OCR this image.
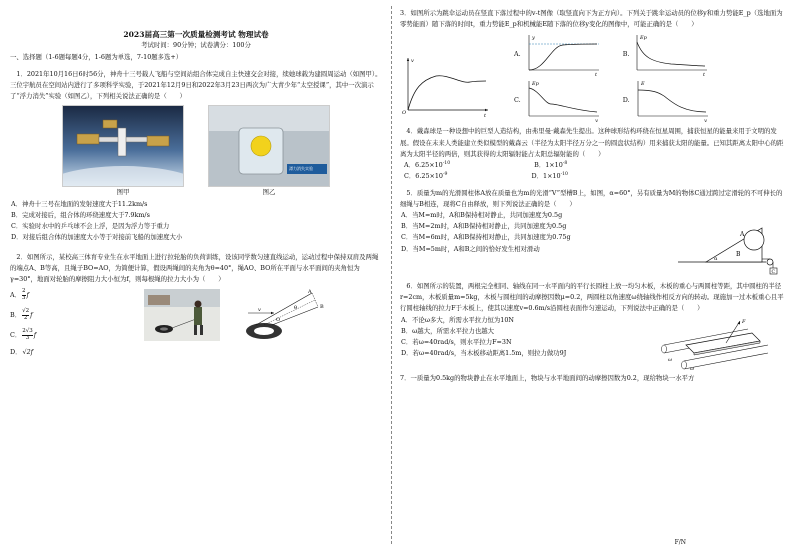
2023届高三第一次质量检测考试 物理试卷

考试时间：90分钟；试卷满分：100分

一、选择题（1-6题每题4分，1-6题为单选，7-10题多选+）

1．2021年10月16日6时56分，神舟十三号载人飞船与空间站组合体完成自主快速交会对接，续她球载为建圆周运动（如图甲）。三位宇航员在空间站内进行了多项科学实验，于2021年12月9日和2022年3月23日两次为广大青少年“太空授课”，其中一次演示了“浮力消失”实验（如图乙），下列相关说法正确的是（　　）

图甲
漂力消失实验
图乙

A．神舟十三号在地面的发射速度大于11.2km/s

B．完成对接后，组合体的环绕速度大于7.9km/s

C．实验时水中的乒乓球不会上浮，是因为浮力等于重力

D．对接后组合体的加速度大小等于对接前飞船的加速度大小

2．如图所示，某校高三体育专业生在水平地面上进行拉轮胎的负荷训练，设该同学数匀速直线运动，运动过程中保持双肩及两绳的端点A、B等高，且绳子BO=AO，为简便计算，假设两绳间的夹角为θ=40°，绳AO、BO所在平面与水平面间的夹角恒为γ=30°，地面对轮胎的摩擦阻力大小恒为f，则每根绳的拉力大小为（　　）

A． 2
3 f
B． √2
2 f
C． 2√3
3 f
D． √2f
v
A
B
O
θ

3．如图所示为跳伞运动员在竖直下落过程中的v-t图像（取竖直向下为正方向）。下列关于跳伞运动员的位移y和重力势能E_p（选地面为零势能面）随下落的时间t，重力势能E_p和机械能E随下落的位移y变化的图像中，可能正确的是（　　）

O
v
t
A.
y
t
B.
Ep
t
C.
Ep
y
D.
E
y

4．戴森球是一种设想中的巨型人造结构，由弗里曼·戴森先生提出。这种球形结构环绕在恒星周围，捕获恒星的能量来用于文明的发展。假设在未来人类能建立类似模型的戴森云（半径为太阳半径万分之一的圆盘状结构）用来捕获太阳的能量。已知其距离太阳中心的距离为太阳半径的两倍，则其获得的太阳辐射能占太阳总辐射能的（　　）

A．$6.25\times 10^{-10}$	B．$1\times 10^{-8}$
C．$6.25\times 10^{-9}$	D．$1\times 10^{-10}$

5．质量为m的光滑圆柱体A放在质量也为m的光滑“V”型槽B上，如图，α=60°，另有质量为M的物体C通过跨过定滑轮的不可伸长的细绳与B相连，现将C自由释放，则下列说法正确的是（　　）

A．当M=m时，A和B保持相对静止，共同加速度为0.5g

B．当M=2m时，A和B保持相对静止，共同加速度为0.5g

C．当M=6m时，A和B保持相对静止，共同加速度为0.75g

D．当M=5m时，A和B之间的恰好发生相对滑动

A
B
α
C

6．如图所示的装置，两根完全相同、轴线在同一水平面内的平行长圆柱上放一均匀木板，木板的重心与两圆柱等距，其中圆柱的半径r=2cm，木板质量m=5kg，木板与圆柱间的动摩擦因数μ=0.2，两圆柱以角速度ω绕轴线作相反方向的转动。现施加一过木板重心且平行圆柱轴线的拉力F于木板上，使其以速度v=0.6m/s沿圆柱表面作匀速运动，下列说法中正确的是（　　）

A．不论ω多大，所需水平拉力恒为10N

B．ω越大，所需水平拉力也越大

C．若ω=40rad/s，则水平拉力F=3N

D．若ω=40rad/s，当木板移动距离1.5m，则拉力做功9J

F
ω
ω

7．一质量为0.5kg的物块静止在水平地面上，物块与水平地面间的动摩擦因数为0.2，现给物块一水平方

F/N
